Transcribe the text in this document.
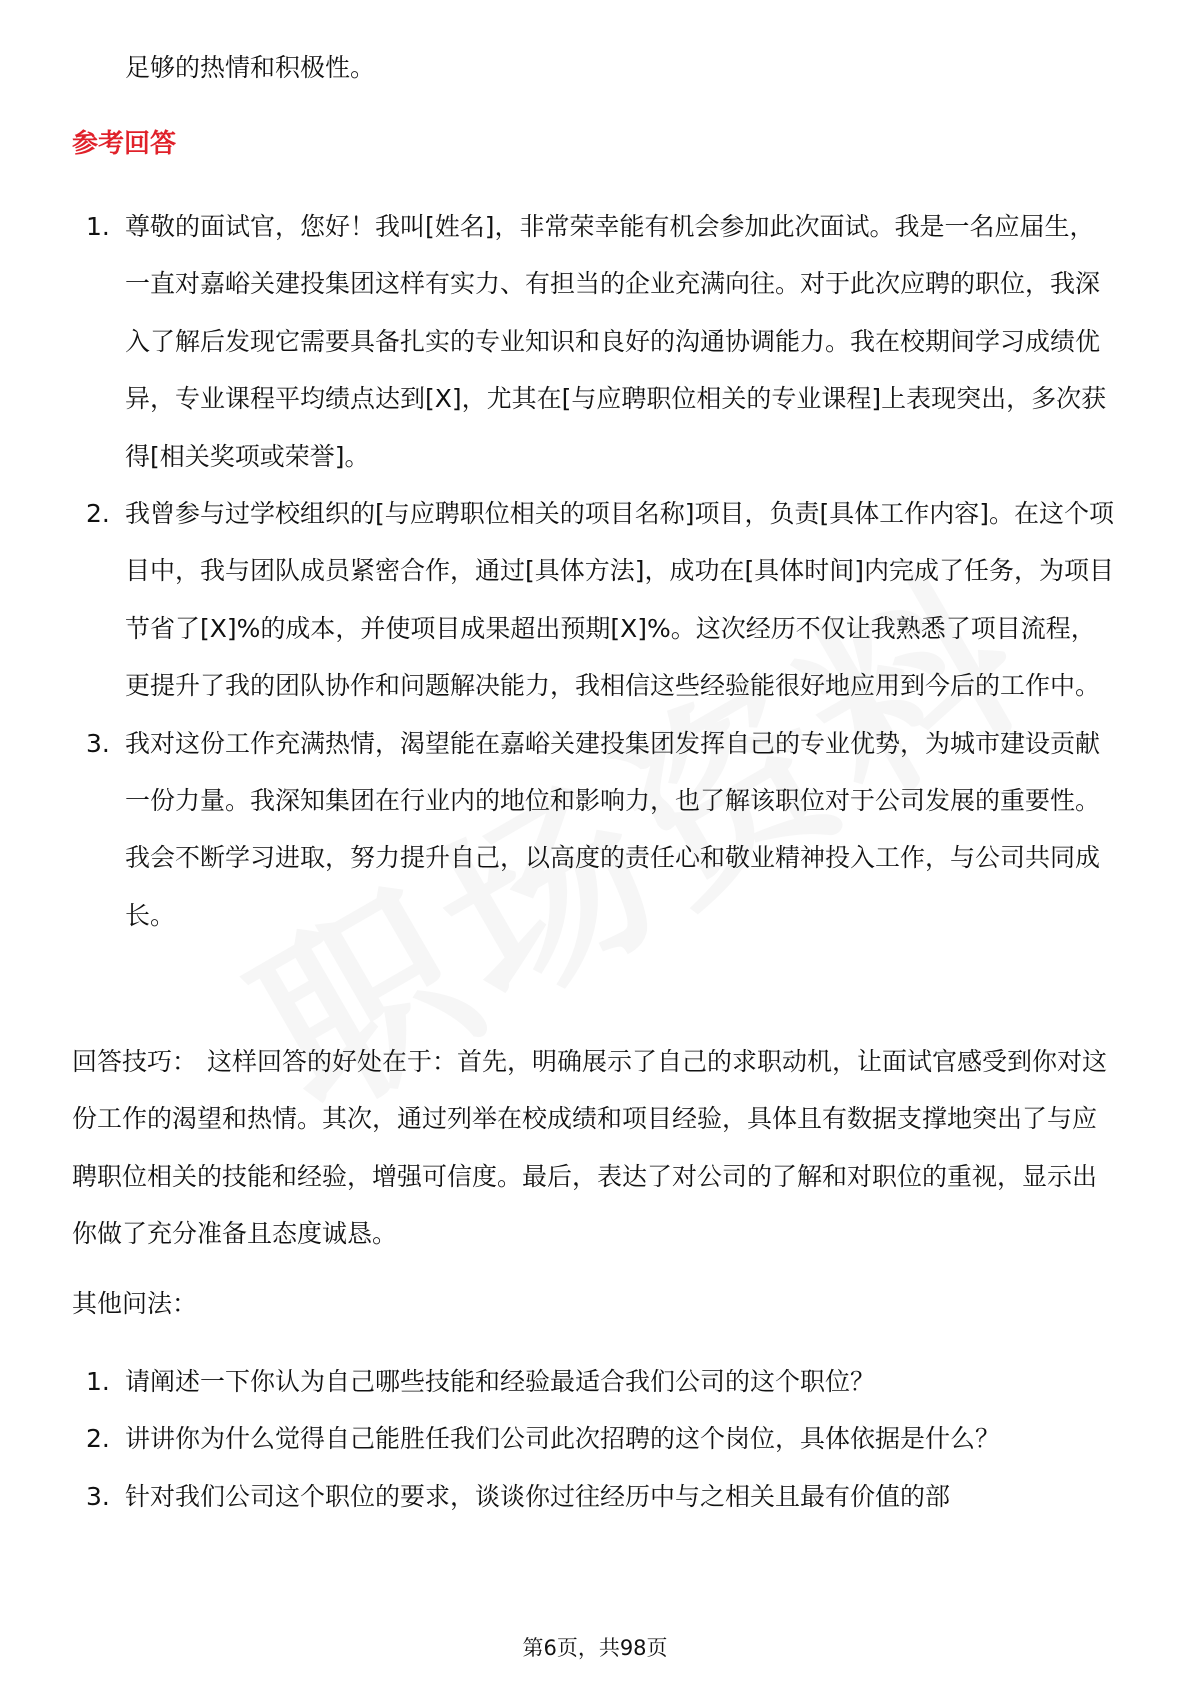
足够的热情和积极性。

参考回答
1. 尊敬的面试官，您好！我叫[姓名]，非常荣幸能有机会参加此次面试。我是一名应届生，一直对嘉峪关建投集团这样有实力、有担当的企业充满向往。对于此次应聘的职位，我深入了解后发现它需要具备扎实的专业知识和良好的沟通协调能力。我在校期间学习成绩优异，专业课程平均绩点达到[X]，尤其在[与应聘职位相关的专业课程]上表现突出，多次获得[相关奖项或荣誉]。
2. 我曾参与过学校组织的[与应聘职位相关的项目名称]项目，负责[具体工作内容]。在这个项目中，我与团队成员紧密合作，通过[具体方法]，成功在[具体时间]内完成了任务，为项目节省了[X]%的成本，并使项目成果超出预期[X]%。这次经历不仅让我熟悉了项目流程，更提升了我的团队协作和问题解决能力，我相信这些经验能很好地应用到今后的工作中。
3. 我对这份工作充满热情，渴望能在嘉峪关建投集团发挥自己的专业优势，为城市建设贡献一份力量。我深知集团在行业内的地位和影响力，也了解该职位对于公司发展的重要性。我会不断学习进取，努力提升自己，以高度的责任心和敬业精神投入工作，与公司共同成长。

回答技巧： 这样回答的好处在于：首先，明确展示了自己的求职动机，让面试官感受到你对这份工作的渴望和热情。其次，通过列举在校成绩和项目经验，具体且有数据支撑地突出了与应聘职位相关的技能和经验，增强可信度。最后，表达了对公司的了解和对职位的重视，显示出你做了充分准备且态度诚恳。

其他问法：

1. 请阐述一下你认为自己哪些技能和经验最适合我们公司的这个职位？
2. 讲讲你为什么觉得自己能胜任我们公司此次招聘的这个岗位，具体依据是什么？
3. 针对我们公司这个职位的要求，谈谈你过往经历中与之相关且最有价值的部

第6页，共98页
